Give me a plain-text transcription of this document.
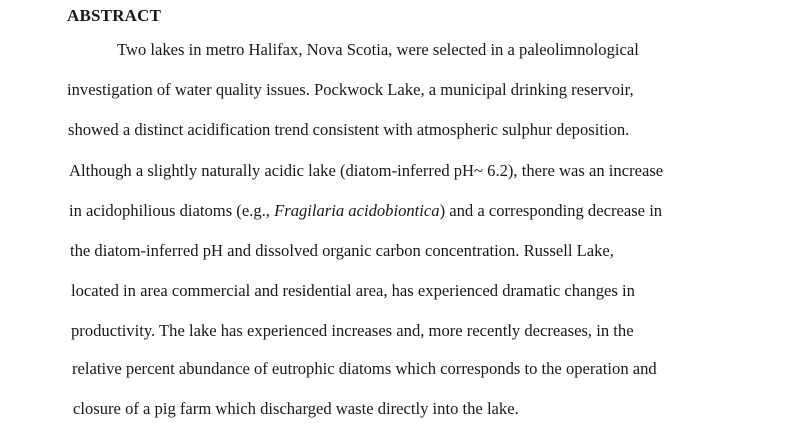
ABSTRACT

Two lakes in metro Halifax, Nova Scotia, were selected in a paleolimnological

investigation of water quality issues. Pockwock Lake, a municipal drinking reservoir,

showed a distinct acidification trend consistent with atmospheric sulphur deposition.

Although a slightly naturally acidic lake (diatom-inferred pH~ 6.2), there was an increase

in acidophilious diatoms (e.g., Fragilaria acidobiontica) and a corresponding decrease in

the diatom-inferred pH and dissolved organic carbon concentration. Russell Lake,

located in area commercial and residential area, has experienced dramatic changes in

productivity. The lake has experienced increases and, more recently decreases, in the

relative percent abundance of eutrophic diatoms which corresponds to the operation and

closure of a pig farm which discharged waste directly into the lake.
